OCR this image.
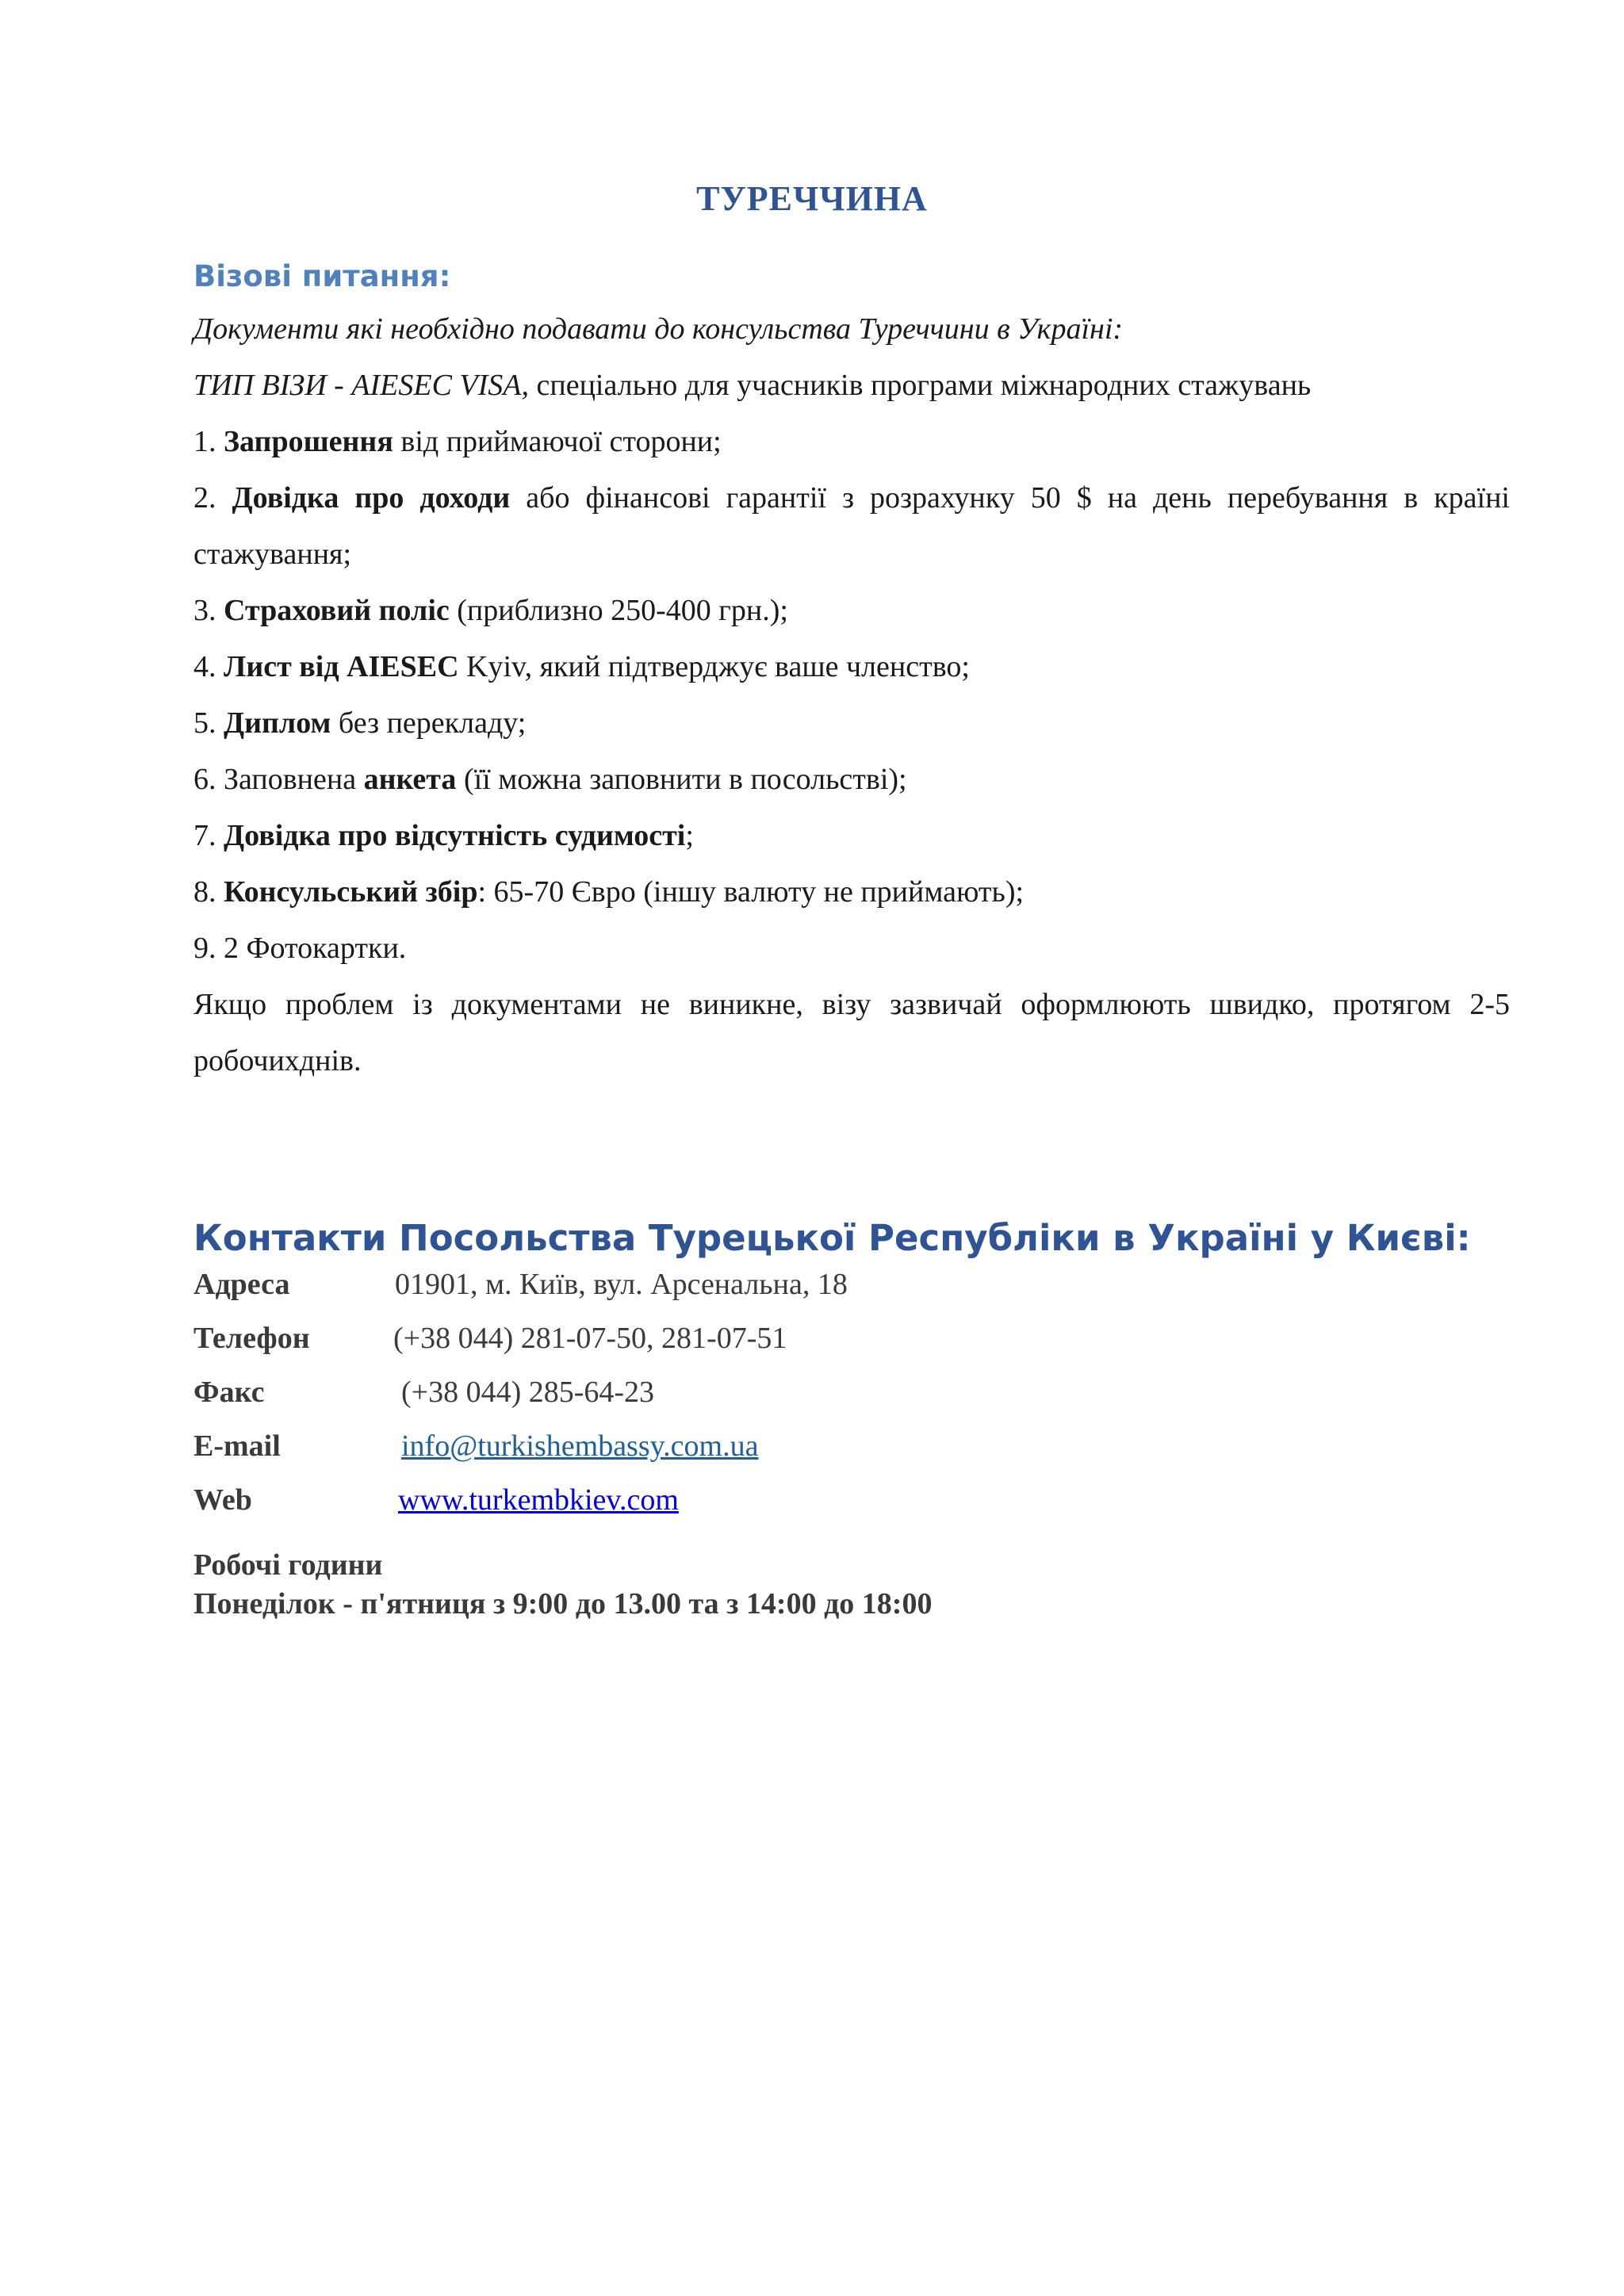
ТУРЕЧЧИНА
Візові питання:
Документи які необхідно подавати до консульства Туреччини в Україні:
ТИП ВІЗИ - AIESEC VISA, спеціально для учасників програми міжнародних стажувань
1. Запрошення від приймаючої сторони;
2. Довідка про доходи або фінансові гарантії з розрахунку 50 $ на день перебування в країні стажування;
3. Страховий поліс (приблизно 250-400 грн.);
4. Лист від AIESEC Kyiv, який підтверджує ваше членство;
5. Диплом без перекладу;
6. Заповнена анкета (її можна заповнити в посольстві);
7. Довідка про відсутність судимості;
8. Консульський збір: 65-70 Євро (іншу валюту не приймають);
9. 2 Фотокартки.

Якщо проблем із документами не виникне, візу зазвичай оформлюють швидко, протягом 2-5 робочихднів.

Контакти Посольства Турецької Республіки в Україні у Києві:
Адреса	01901, м. Київ, вул. Арсенальна, 18
Телефон	(+38 044) 281-07-50, 281-07-51
Факс	(+38 044) 285-64-23
E-mail	info@turkishembassy.com.ua
Web	www.turkembkiev.com
Робочі години
Понеділок - п'ятниця з 9:00 до 13.00 та з 14:00 до 18:00
